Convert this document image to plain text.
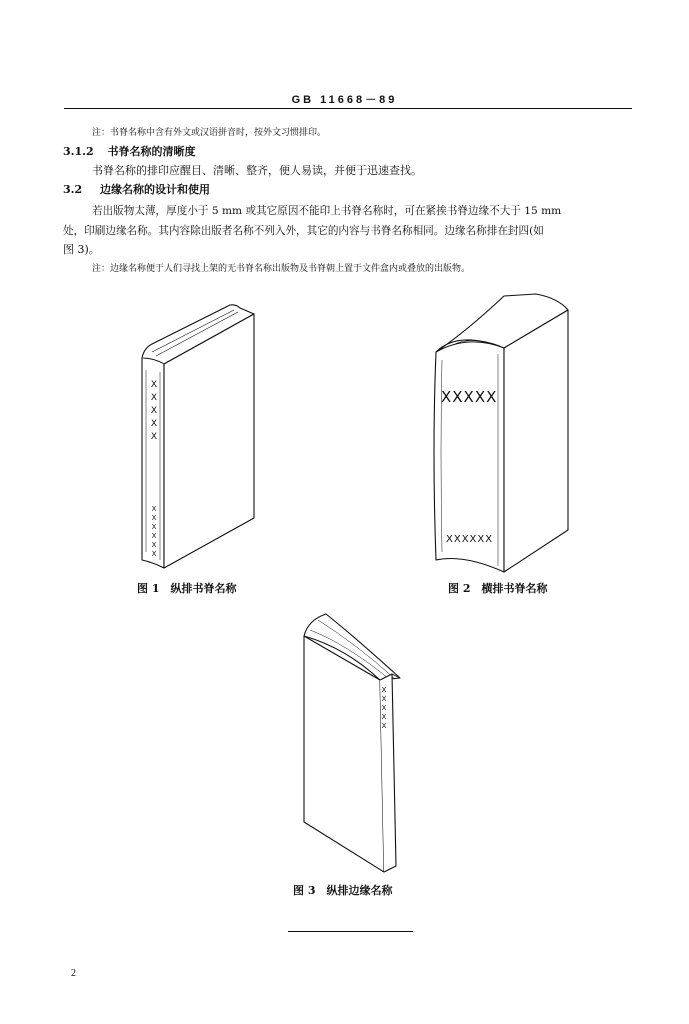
GB 11668－89
注：书脊名称中含有外文或汉语拼音时，按外文习惯排印。
3.1.2 书脊名称的清晰度
书脊名称的排印应醒目、清晰、整齐，便人易读，并便于迅速查找。
3.2 边缘名称的设计和使用
若出版物太薄，厚度小于 5 mm 或其它原因不能印上书脊名称时，可在紧挨书脊边缘不大于 15 mm
处，印刷边缘名称。其内容除出版者名称不列入外，其它的内容与书脊名称相同。边缘名称排在封四(如
图 3)。
注：边缘名称便于人们寻找上架的无书脊名称出版物及书脊朝上置于文件盒内或叠放的出版物。
X
X
X
X
X
X
X
X
X
X
X
图 1　纵排书脊名称
XXXXX
XXXXXX
图 2　横排书脊名称
X
X
X
X
X
图 3　纵排边缘名称
2
